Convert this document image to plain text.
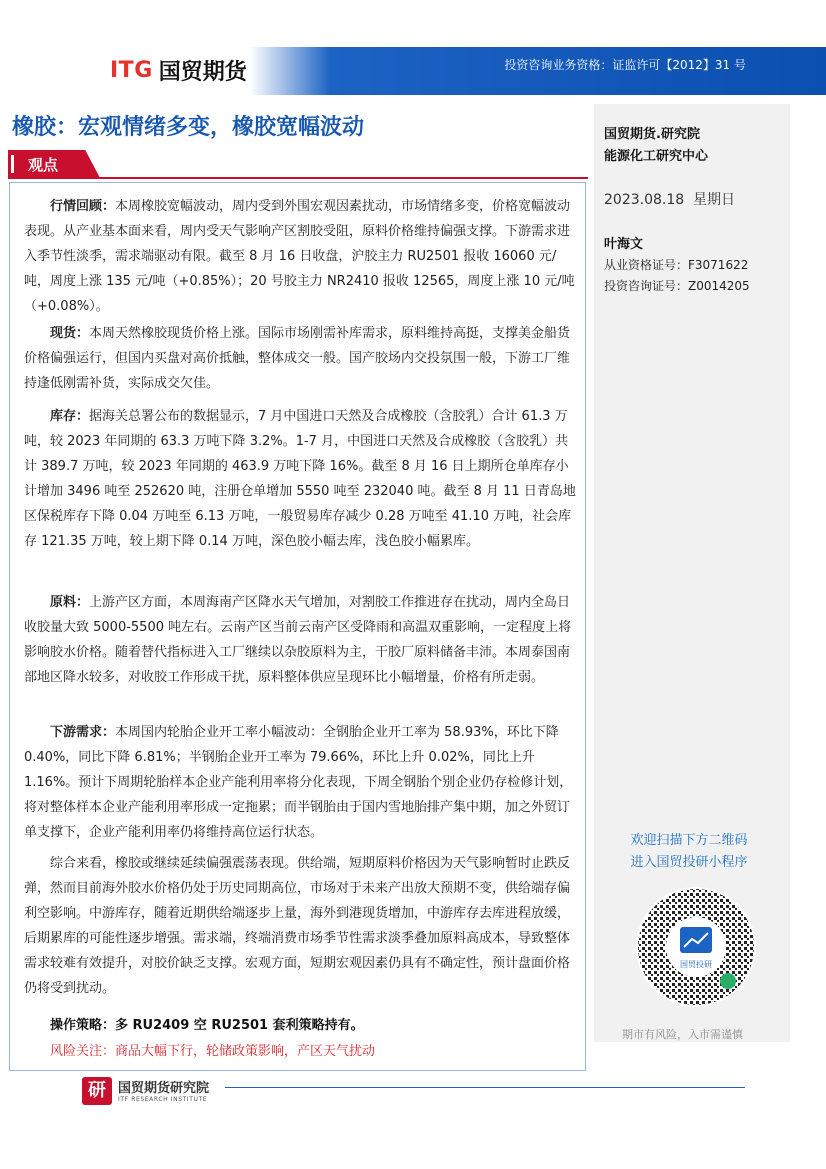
ITG 国贸期货	投资咨询业务资格：证监许可【2012】31 号
橡胶：宏观情绪多变，橡胶宽幅波动
观点

行情回顾：本周橡胶宽幅波动，周内受到外围宏观因素扰动，市场情绪多变，价格宽幅波动表现。从产业基本面来看，周内受天气影响产区割胶受阻，原料价格维持偏强支撑。下游需求进入季节性淡季，需求端驱动有限。截至 8 月 16 日收盘，沪胶主力 RU2501 报收 16060 元/吨，周度上涨 135 元/吨（+0.85%）；20 号胶主力 NR2410 报收 12565，周度上涨 10 元/吨（+0.08%）。

现货：本周天然橡胶现货价格上涨。国际市场刚需补库需求，原料维持高挺，支撑美金船货价格偏强运行，但国内买盘对高价抵触，整体成交一般。国产胶场内交投氛围一般，下游工厂维持逢低刚需补货，实际成交欠佳。

库存：据海关总署公布的数据显示，7 月中国进口天然及合成橡胶（含胶乳）合计 61.3 万吨，较 2023 年同期的 63.3 万吨下降 3.2%。1-7 月，中国进口天然及合成橡胶（含胶乳）共计 389.7 万吨，较 2023 年同期的 463.9 万吨下降 16%。截至 8 月 16 日上期所仓单库存小计增加 3496 吨至 252620 吨，注册仓单增加 5550 吨至 232040 吨。截至 8 月 11 日青岛地区保税库存下降 0.04 万吨至 6.13 万吨，一般贸易库存减少 0.28 万吨至 41.10 万吨，社会库存 121.35 万吨，较上期下降 0.14 万吨，深色胶小幅去库，浅色胶小幅累库。

原料：上游产区方面，本周海南产区降水天气增加，对割胶工作推进存在扰动，周内全岛日收胶量大致 5000-5500 吨左右。云南产区当前云南产区受降雨和高温双重影响，一定程度上将影响胶水价格。随着替代指标进入工厂继续以杂胶原料为主，干胶厂原料储备丰沛。本周泰国南部地区降水较多，对收胶工作形成干扰，原料整体供应呈现环比小幅增量，价格有所走弱。

下游需求：本周国内轮胎企业开工率小幅波动：全钢胎企业开工率为 58.93%，环比下降 0.40%，同比下降 6.81%；半钢胎企业开工率为 79.66%，环比上升 0.02%，同比上升 1.16%。预计下周期轮胎样本企业产能利用率将分化表现，下周全钢胎个别企业仍存检修计划，将对整体样本企业产能利用率形成一定拖累；而半钢胎由于国内雪地胎排产集中期，加之外贸订单支撑下，企业产能利用率仍将维持高位运行状态。

综合来看，橡胶或继续延续偏强震荡表现。供给端，短期原料价格因为天气影响暂时止跌反弹，然而目前海外胶水价格仍处于历史同期高位，市场对于未来产出放大预期不变，供给端存偏利空影响。中游库存，随着近期供给端逐步上量，海外到港现货增加，中游库存去库进程放缓，后期累库的可能性逐步增强。需求端，终端消费市场季节性需求淡季叠加原料高成本，导致整体需求较难有效提升，对胶价缺乏支撑。宏观方面，短期宏观因素仍具有不确定性，预计盘面价格仍将受到扰动。

操作策略：多 RU2409 空 RU2501 套利策略持有。
风险关注：商品大幅下行，轮储政策影响，产区天气扰动
国贸期货.研究院
能源化工研究中心
2023.08.18  星期日
叶海文
从业资格证号：F3071622
投资咨询证号：Z0014205
欢迎扫描下方二维码
进入国贸投研小程序
国贸投研
期市有风险，入市需谨慎
研 国贸期货研究院
ITF RESEARCH INSTITUTE
